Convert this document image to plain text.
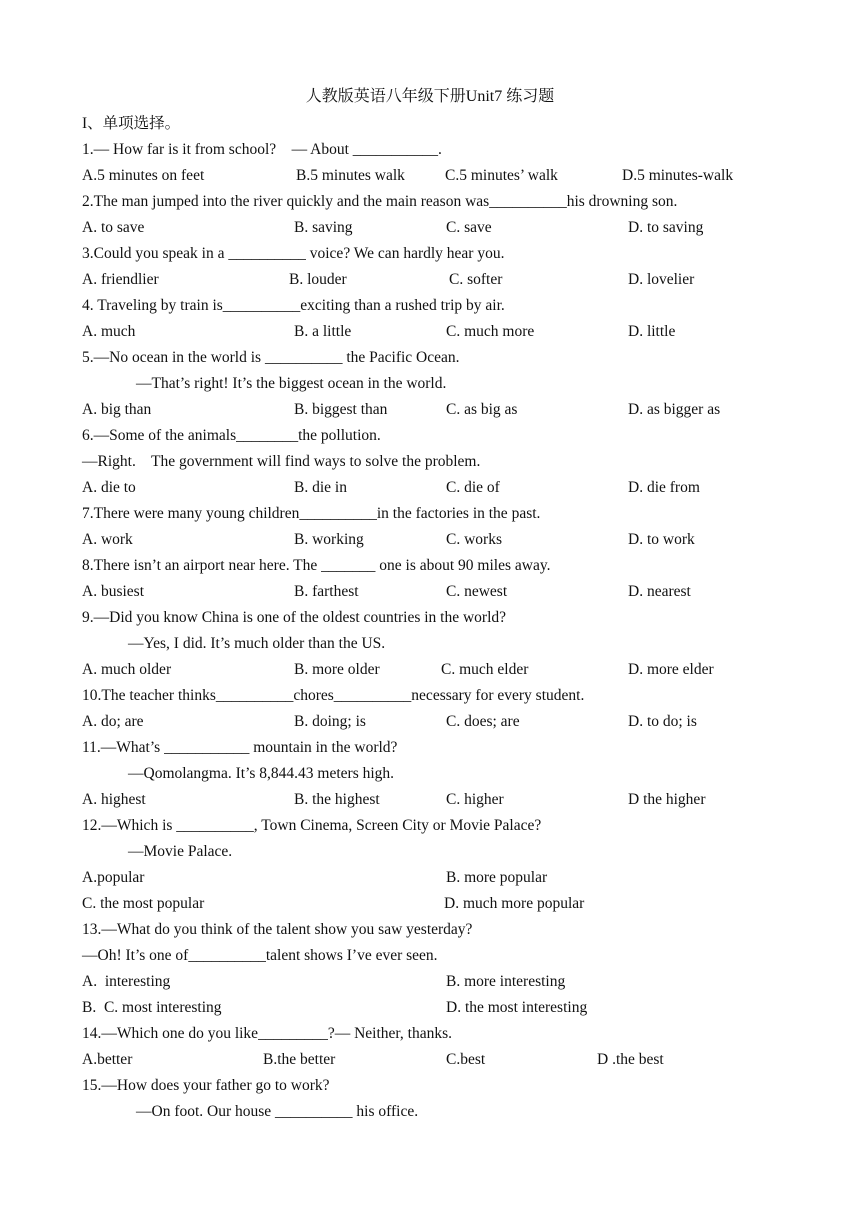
人教版英语八年级下册Unit7 练习题
I、单项选择。
1.— How far is it from school?    — About ___________.
A.5 minutes on feet	B.5 minutes walk	C.5 minutes’ walk	D.5 minutes-walk
2.The man jumped into the river quickly and the main reason was__________his drowning son.
A. to save	B. saving	C. save	D. to saving
3.Could you speak in a __________ voice? We can hardly hear you.
A. friendlier	B. louder	C. softer	D. lovelier
4. Traveling by train is__________exciting than a rushed trip by air.
A. much	B. a little	C. much more	D. little
5.—No ocean in the world is __________ the Pacific Ocean.
—That’s right! It’s the biggest ocean in the world.
A. big than	B. biggest than	C. as big as	D. as bigger as
6.—Some of the animals________the pollution.
—Right.    The government will find ways to solve the problem.
A. die to	B. die in	C. die of	D. die from
7.There were many young children__________in the factories in the past.
A. work	B. working	C. works	D. to work
8.There isn’t an airport near here. The _______ one is about 90 miles away.
A. busiest	B. farthest	C. newest	D. nearest
9.—Did you know China is one of the oldest countries in the world?
—Yes, I did. It’s much older than the US.
A. much older	B. more older	C. much elder	D. more elder
10.The teacher thinks__________chores__________necessary for every student.
A. do; are	B. doing; is	C. does; are	D. to do; is
11.—What’s ___________ mountain in the world?
—Qomolangma. It’s 8,844.43 meters high.
A. highest	B. the highest	C. higher	D the higher
12.—Which is __________, Town Cinema, Screen City or Movie Palace?
—Movie Palace.
A.popular	B. more popular
C. the most popular	D. much more popular
13.—What do you think of the talent show you saw yesterday?
—Oh! It’s one of__________talent shows I’ve ever seen.
A.  interesting	B. more interesting
B.  C. most interesting	D. the most interesting
14.—Which one do you like_________?— Neither, thanks.
A.better	B.the better	C.best	D .the best
15.—How does your father go to work?
—On foot. Our house __________ his office.
